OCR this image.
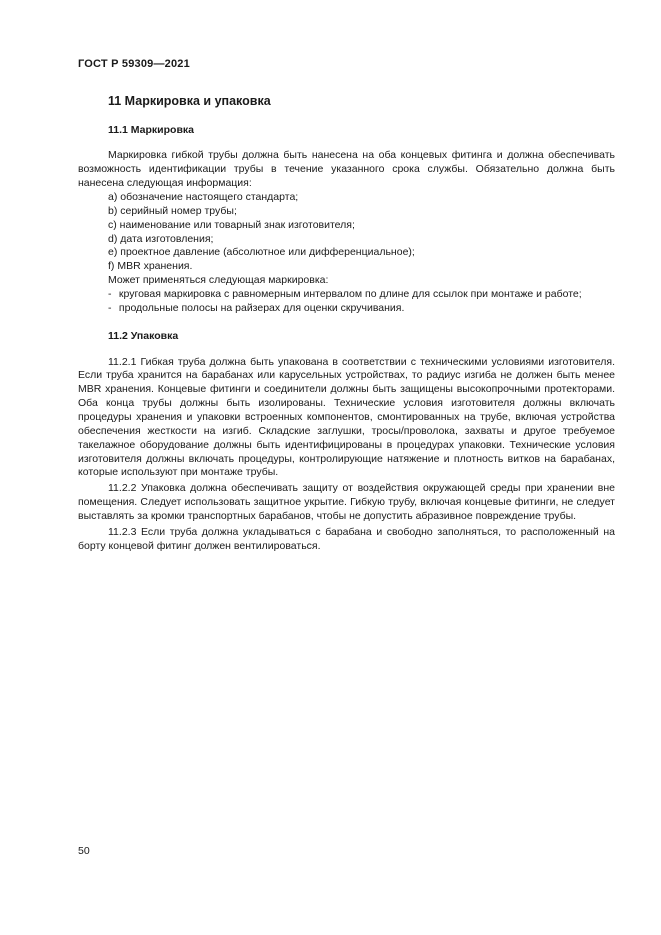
ГОСТ Р 59309—2021
11 Маркировка и упаковка
11.1 Маркировка

Маркировка гибкой трубы должна быть нанесена на оба концевых фитинга и должна обеспечивать возможность идентификации трубы в течение указанного срока службы. Обязательно должна быть нанесена следующая информация:

a) обозначение настоящего стандарта;
b) серийный номер трубы;
c) наименование или товарный знак изготовителя;
d) дата изготовления;
e) проектное давление (абсолютное или дифференциальное);
f) MBR хранения.

Может применяться следующая маркировка:

- круговая маркировка с равномерным интервалом по длине для ссылок при монтаже и работе;
- продольные полосы на райзерах для оценки скручивания.
11.2 Упаковка

11.2.1 Гибкая труба должна быть упакована в соответствии с техническими условиями изготовителя. Если труба хранится на барабанах или карусельных устройствах, то радиус изгиба не должен быть менее MBR хранения. Концевые фитинги и соединители должны быть защищены высокопрочными протекторами. Оба конца трубы должны быть изолированы. Технические условия изготовителя должны включать процедуры хранения и упаковки встроенных компонентов, смонтированных на трубе, включая устройства обеспечения жесткости на изгиб. Складские заглушки, тросы/проволока, захваты и другое требуемое такелажное оборудование должны быть идентифицированы в процедурах упаковки. Технические условия изготовителя должны включать процедуры, контролирующие натяжение и плотность витков на барабанах, которые используют при монтаже трубы.

11.2.2 Упаковка должна обеспечивать защиту от воздействия окружающей среды при хранении вне помещения. Следует использовать защитное укрытие. Гибкую трубу, включая концевые фитинги, не следует выставлять за кромки транспортных барабанов, чтобы не допустить абразивное повреждение трубы.

11.2.3 Если труба должна укладываться с барабана и свободно заполняться, то расположенный на борту концевой фитинг должен вентилироваться.

50
